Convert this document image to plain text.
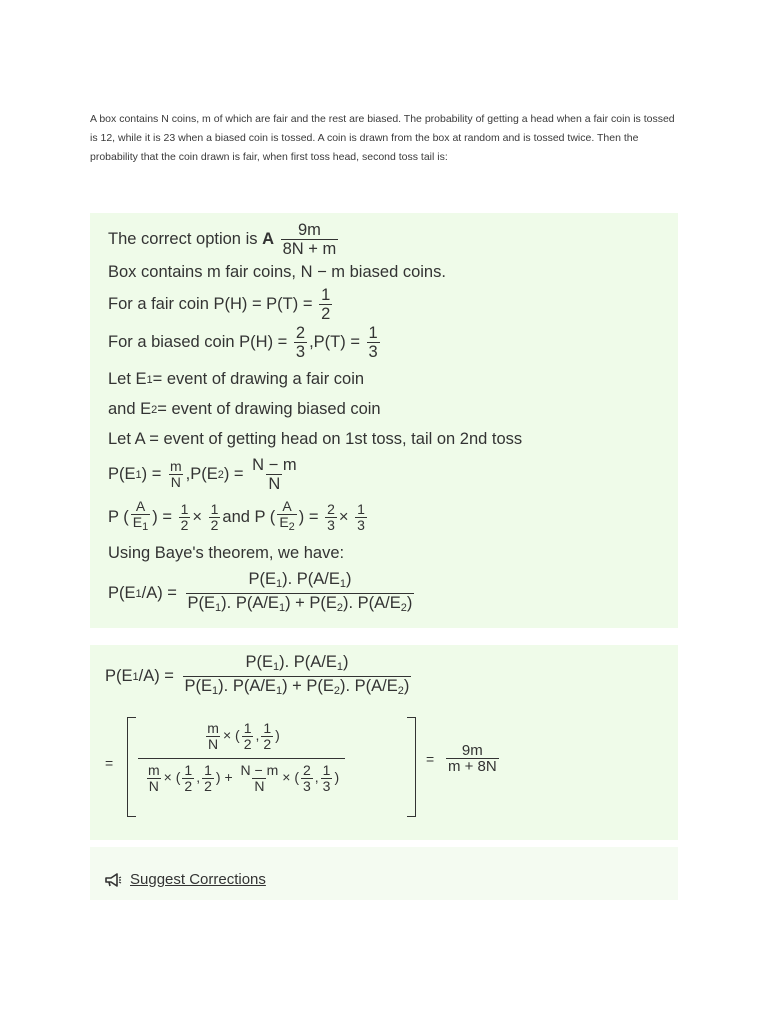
A box contains N coins, m of which are fair and the rest are biased. The probability of getting a head when a fair coin is tossed is 12, while it is 23 when a biased coin is tossed. A coin is drawn from the box at random and is tossed twice. Then the probability that the coin drawn is fair, when first toss head, second toss tail is:
The correct option is
A
$\frac{9m}{8N + m}$
Box contains m fair coins, N − m biased coins.
For a fair coin P(H) = P(T) =
$\frac{1}{2}$
For a biased coin P(H) =
$\frac{2}{3} ,P(T) = \frac{1}{3}$
Let E 1 = event of drawing a fair coin
and E 2 = event of drawing biased coin
Let A = event of getting head on 1st toss, tail on 2nd toss
P(E 1 ) = $\frac{m}{N} ,P(E$ 2 ) = $\frac{N - m}{N}$
P ( $\frac{A}{E_1}$ ) = $\frac{1}{2} \times \frac{1}{2}$ and P ( $\frac{A}{E_2}$ ) = $\frac{2}{3} \times \frac{1}{3}$
Using Baye's theorem, we have:
P(E 1 $/A) = \frac{P(E_1). P(A/E_1)}{P(E_1). P(A/E_1) + P(E_2). P(A/E_2)}$
P(E 1 $/A) = \frac{P(E_1). P(A/E_1)}{P(E_1). P(A/E_1) + P(E_2). P(A/E_2)}$
= $\frac{\frac{m}{N} \times ( \frac{1}{2} , \frac{1}{2} )}{\frac{m}{N} \times ( \frac{1}{2} , \frac{1}{2} ) + \frac{N - m}{N} \times ( \frac{2}{3} , \frac{1}{3} )}$	= $\frac{9m}{m + 8N}$
Suggest Corrections
